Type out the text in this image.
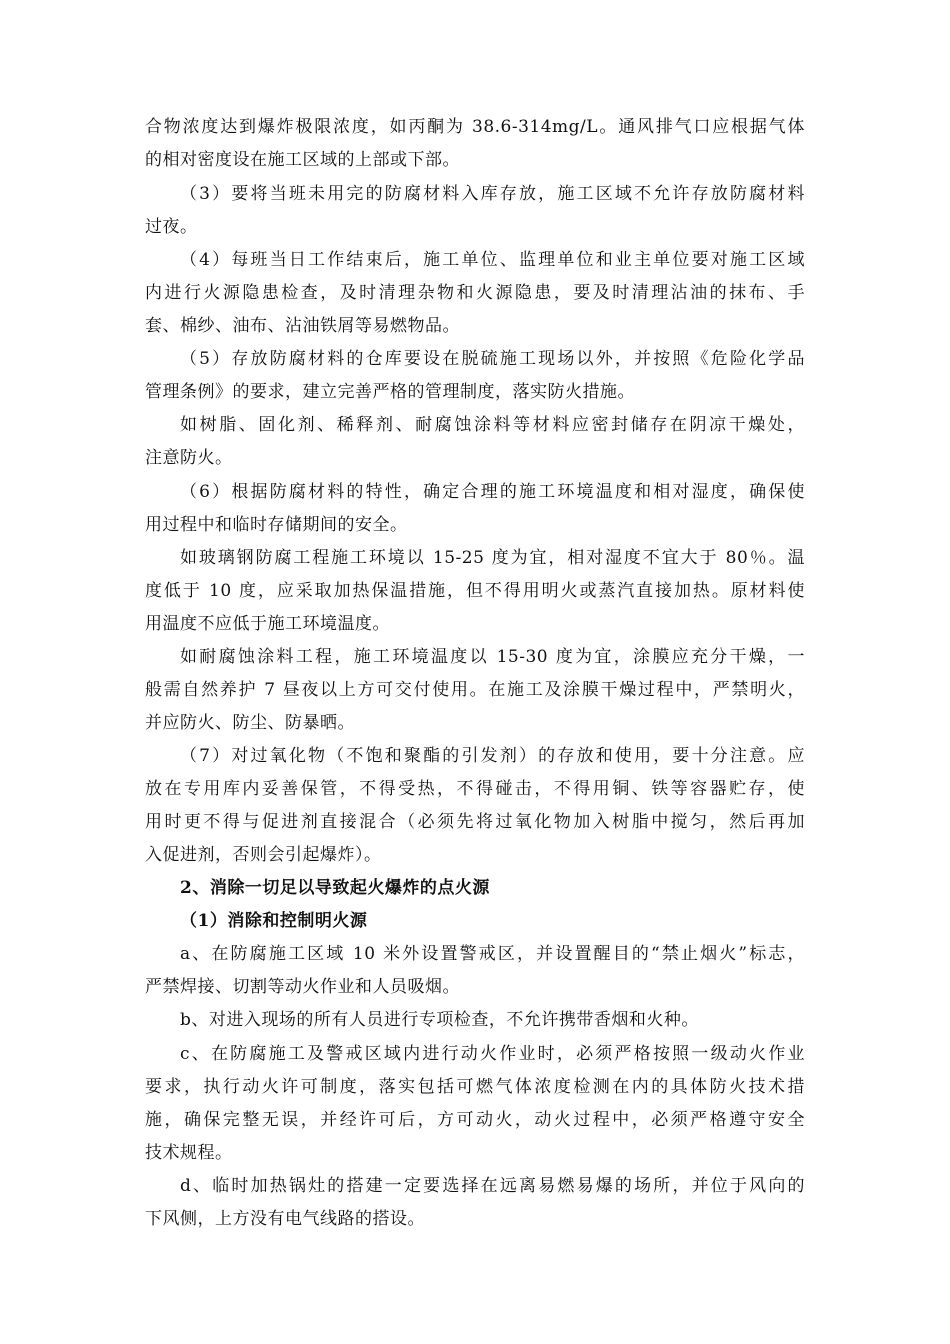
合物浓度达到爆炸极限浓度，如丙酮为 38.6-314mg/L。通风排气口应根据气体
的相对密度设在施工区域的上部或下部。
（3）要将当班未用完的防腐材料入库存放，施工区域不允许存放防腐材料
过夜。
（4）每班当日工作结束后，施工单位、监理单位和业主单位要对施工区域
内进行火源隐患检查，及时清理杂物和火源隐患，要及时清理沾油的抹布、手
套、棉纱、油布、沾油铁屑等易燃物品。
（5）存放防腐材料的仓库要设在脱硫施工现场以外，并按照《危险化学品
管理条例》的要求，建立完善严格的管理制度，落实防火措施。
如树脂、固化剂、稀释剂、耐腐蚀涂料等材料应密封储存在阴凉干燥处，
注意防火。
（6）根据防腐材料的特性，确定合理的施工环境温度和相对湿度，确保使
用过程中和临时存储期间的安全。
如玻璃钢防腐工程施工环境以 15-25 度为宜，相对湿度不宜大于 80％。温
度低于 10 度，应采取加热保温措施，但不得用明火或蒸汽直接加热。原材料使
用温度不应低于施工环境温度。
如耐腐蚀涂料工程，施工环境温度以 15-30 度为宜，涂膜应充分干燥，一
般需自然养护 7 昼夜以上方可交付使用。在施工及涂膜干燥过程中，严禁明火，
并应防火、防尘、防暴晒。
（7）对过氧化物（不饱和聚酯的引发剂）的存放和使用，要十分注意。应
放在专用库内妥善保管，不得受热，不得碰击，不得用铜、铁等容器贮存，使
用时更不得与促进剂直接混合（必须先将过氧化物加入树脂中搅匀，然后再加
入促进剂，否则会引起爆炸）。
2、消除一切足以导致起火爆炸的点火源
（1）消除和控制明火源
a、在防腐施工区域 10 米外设置警戒区，并设置醒目的“禁止烟火”标志，
严禁焊接、切割等动火作业和人员吸烟。
b、对进入现场的所有人员进行专项检查，不允许携带香烟和火种。
c、在防腐施工及警戒区域内进行动火作业时，必须严格按照一级动火作业
要求，执行动火许可制度，落实包括可燃气体浓度检测在内的具体防火技术措
施，确保完整无误，并经许可后，方可动火，动火过程中，必须严格遵守安全
技术规程。
d、临时加热锅灶的搭建一定要选择在远离易燃易爆的场所，并位于风向的
下风侧，上方没有电气线路的搭设。
